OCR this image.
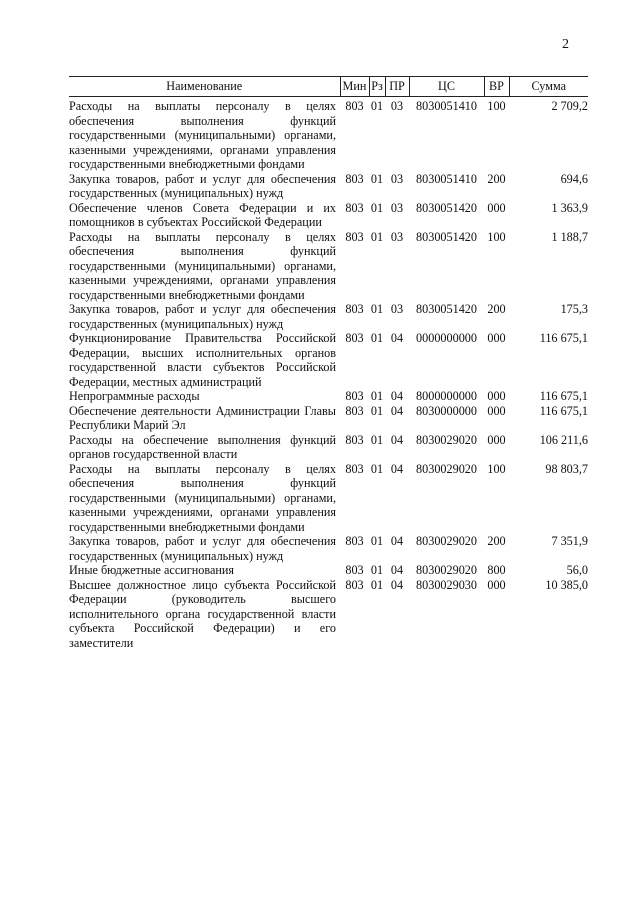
2
Наименование	Мин	Рз	ПР	ЦС	ВР	Сумма
Расходы на выплаты персоналу в целях обеспечения выполнения функций государственными (муниципальными) органами, казенными учреждениями, органами управления государственными внебюджетными фондами	803	01	03	8030051410	100	2 709,2
Закупка товаров, работ и услуг для обеспечения государственных (муниципальных) нужд	803	01	03	8030051410	200	694,6
Обеспечение членов Совета Федерации и их помощников в субъектах Российской Федерации	803	01	03	8030051420	000	1 363,9
Расходы на выплаты персоналу в целях обеспечения выполнения функций государственными (муниципальными) органами, казенными учреждениями, органами управления государственными внебюджетными фондами	803	01	03	8030051420	100	1 188,7
Закупка товаров, работ и услуг для обеспечения государственных (муниципальных) нужд	803	01	03	8030051420	200	175,3
Функционирование Правительства Российской Федерации, высших исполнительных органов государственной власти субъектов Российской Федерации, местных администраций	803	01	04	0000000000	000	116 675,1
Непрограммные расходы	803	01	04	8000000000	000	116 675,1
Обеспечение деятельности Администрации Главы Республики Марий Эл	803	01	04	8030000000	000	116 675,1
Расходы на обеспечение выполнения функций органов государственной власти	803	01	04	8030029020	000	106 211,6
Расходы на выплаты персоналу в целях обеспечения выполнения функций государственными (муниципальными) органами, казенными учреждениями, органами управления государственными внебюджетными фондами	803	01	04	8030029020	100	98 803,7
Закупка товаров, работ и услуг для обеспечения государственных (муниципальных) нужд	803	01	04	8030029020	200	7 351,9
Иные бюджетные ассигнования	803	01	04	8030029020	800	56,0
Высшее должностное лицо субъекта Российской Федерации (руководитель высшего исполнительного органа государственной власти субъекта Российской Федерации) и его заместители	803	01	04	8030029030	000	10 385,0
